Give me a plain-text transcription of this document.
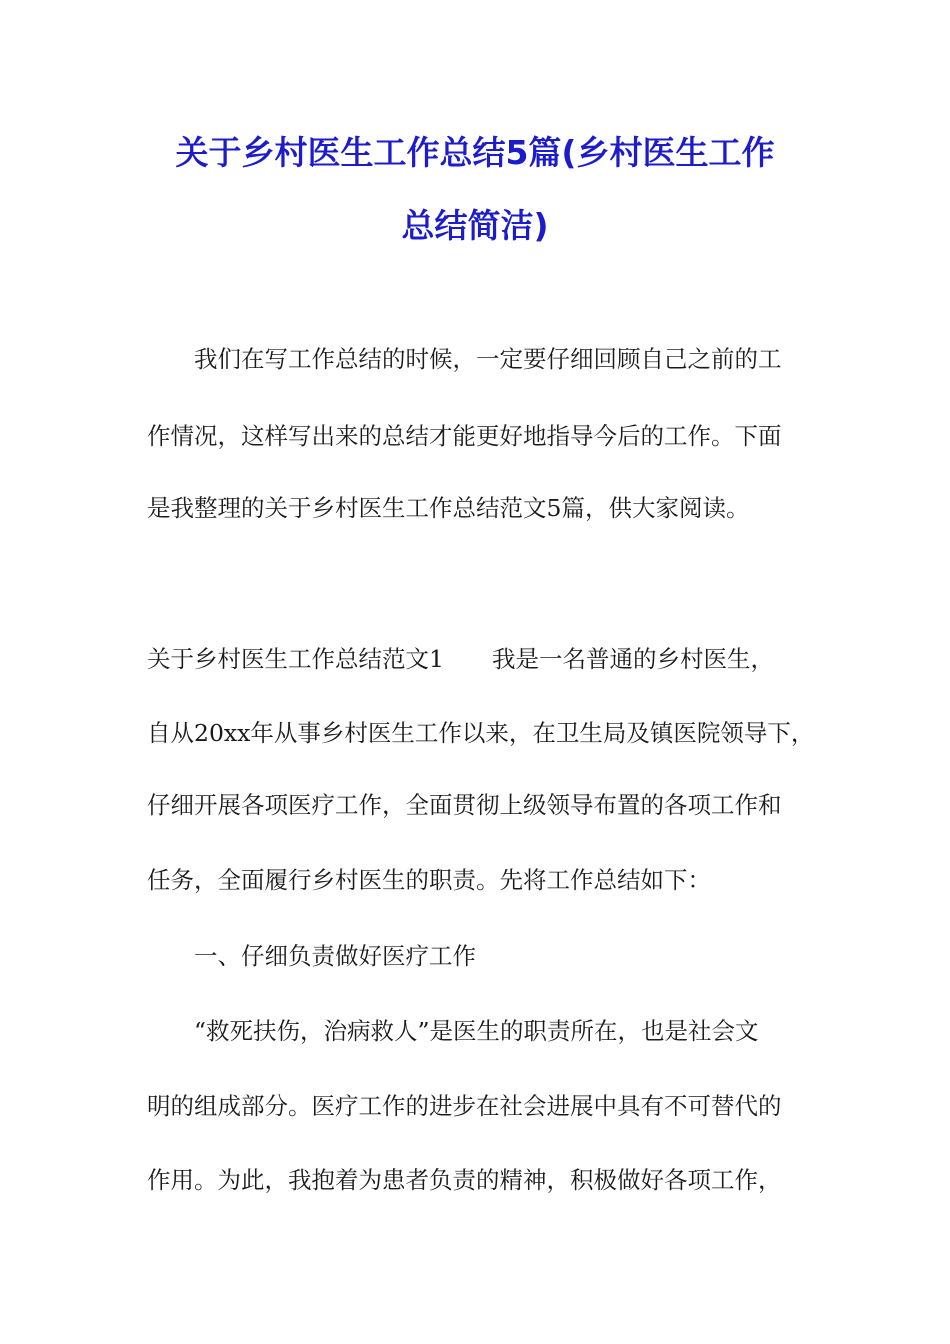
关于乡村医生工作总结5篇(乡村医生工作
总结简洁)
我们在写工作总结的时候，一定要仔细回顾自己之前的工
作情况，这样写出来的总结才能更好地指导今后的工作。下面
是我整理的关于乡村医生工作总结范文5篇，供大家阅读。
关于乡村医生工作总结范文1 我是一名普通的乡村医生，
自从20xx年从事乡村医生工作以来，在卫生局及镇医院领导下，
仔细开展各项医疗工作，全面贯彻上级领导布置的各项工作和
任务，全面履行乡村医生的职责。先将工作总结如下：
一、仔细负责做好医疗工作
“救死扶伤，治病救人”是医生的职责所在，也是社会文
明的组成部分。医疗工作的进步在社会进展中具有不可替代的
作用。为此，我抱着为患者负责的精神，积极做好各项工作，
